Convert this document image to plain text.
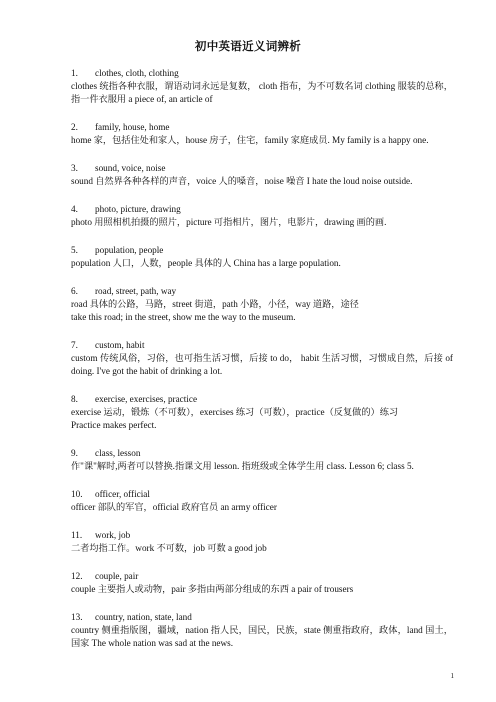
初中英语近义词辨析
1. clothes, cloth, clothing
clothes 统指各种衣服，谓语动词永远是复数， cloth 指布，为不可数名词 clothing 服装的总称，指一件衣服用 a piece of, an article of
2. family, house, home
home 家，包括住处和家人，house 房子，住宅，family 家庭成员. My family is a happy one.
3. sound, voice, noise
sound 自然界各种各样的声音，voice 人的嗓音，noise 噪音 I hate the loud noise outside.
4. photo, picture, drawing
photo 用照相机拍摄的照片，picture 可指相片，图片，电影片，drawing 画的画.
5. population, people
population 人口，人数，people 具体的人 China has a large population.
6. road, street, path, way
road 具体的公路，马路，street 街道，path 小路，小径，way 道路，途径
take this road; in the street, show me the way to the museum.
7. custom, habit
custom 传统风俗，习俗，也可指生活习惯，后接 to do， habit 生活习惯，习惯成自然，后接 of doing. I've got the habit of drinking a lot.
8. exercise, exercises, practice
exercise 运动，锻炼（不可数），exercises 练习（可数），practice（反复做的）练习
Practice makes perfect.
9. class, lesson
作"课"解时,两者可以替换.指课文用 lesson. 指班级或全体学生用 class. Lesson 6; class 5.
10. officer, official
officer 部队的军官，official 政府官员 an army officer
11. work, job
二者均指工作。work 不可数，job 可数 a good job
12. couple, pair
couple 主要指人或动物，pair 多指由两部分组成的东西 a pair of trousers
13. country, nation, state, land
country 侧重指版图，疆域，nation 指人民，国民，民族，state 侧重指政府，政体，land 国土，国家 The whole nation was sad at the news.
1
